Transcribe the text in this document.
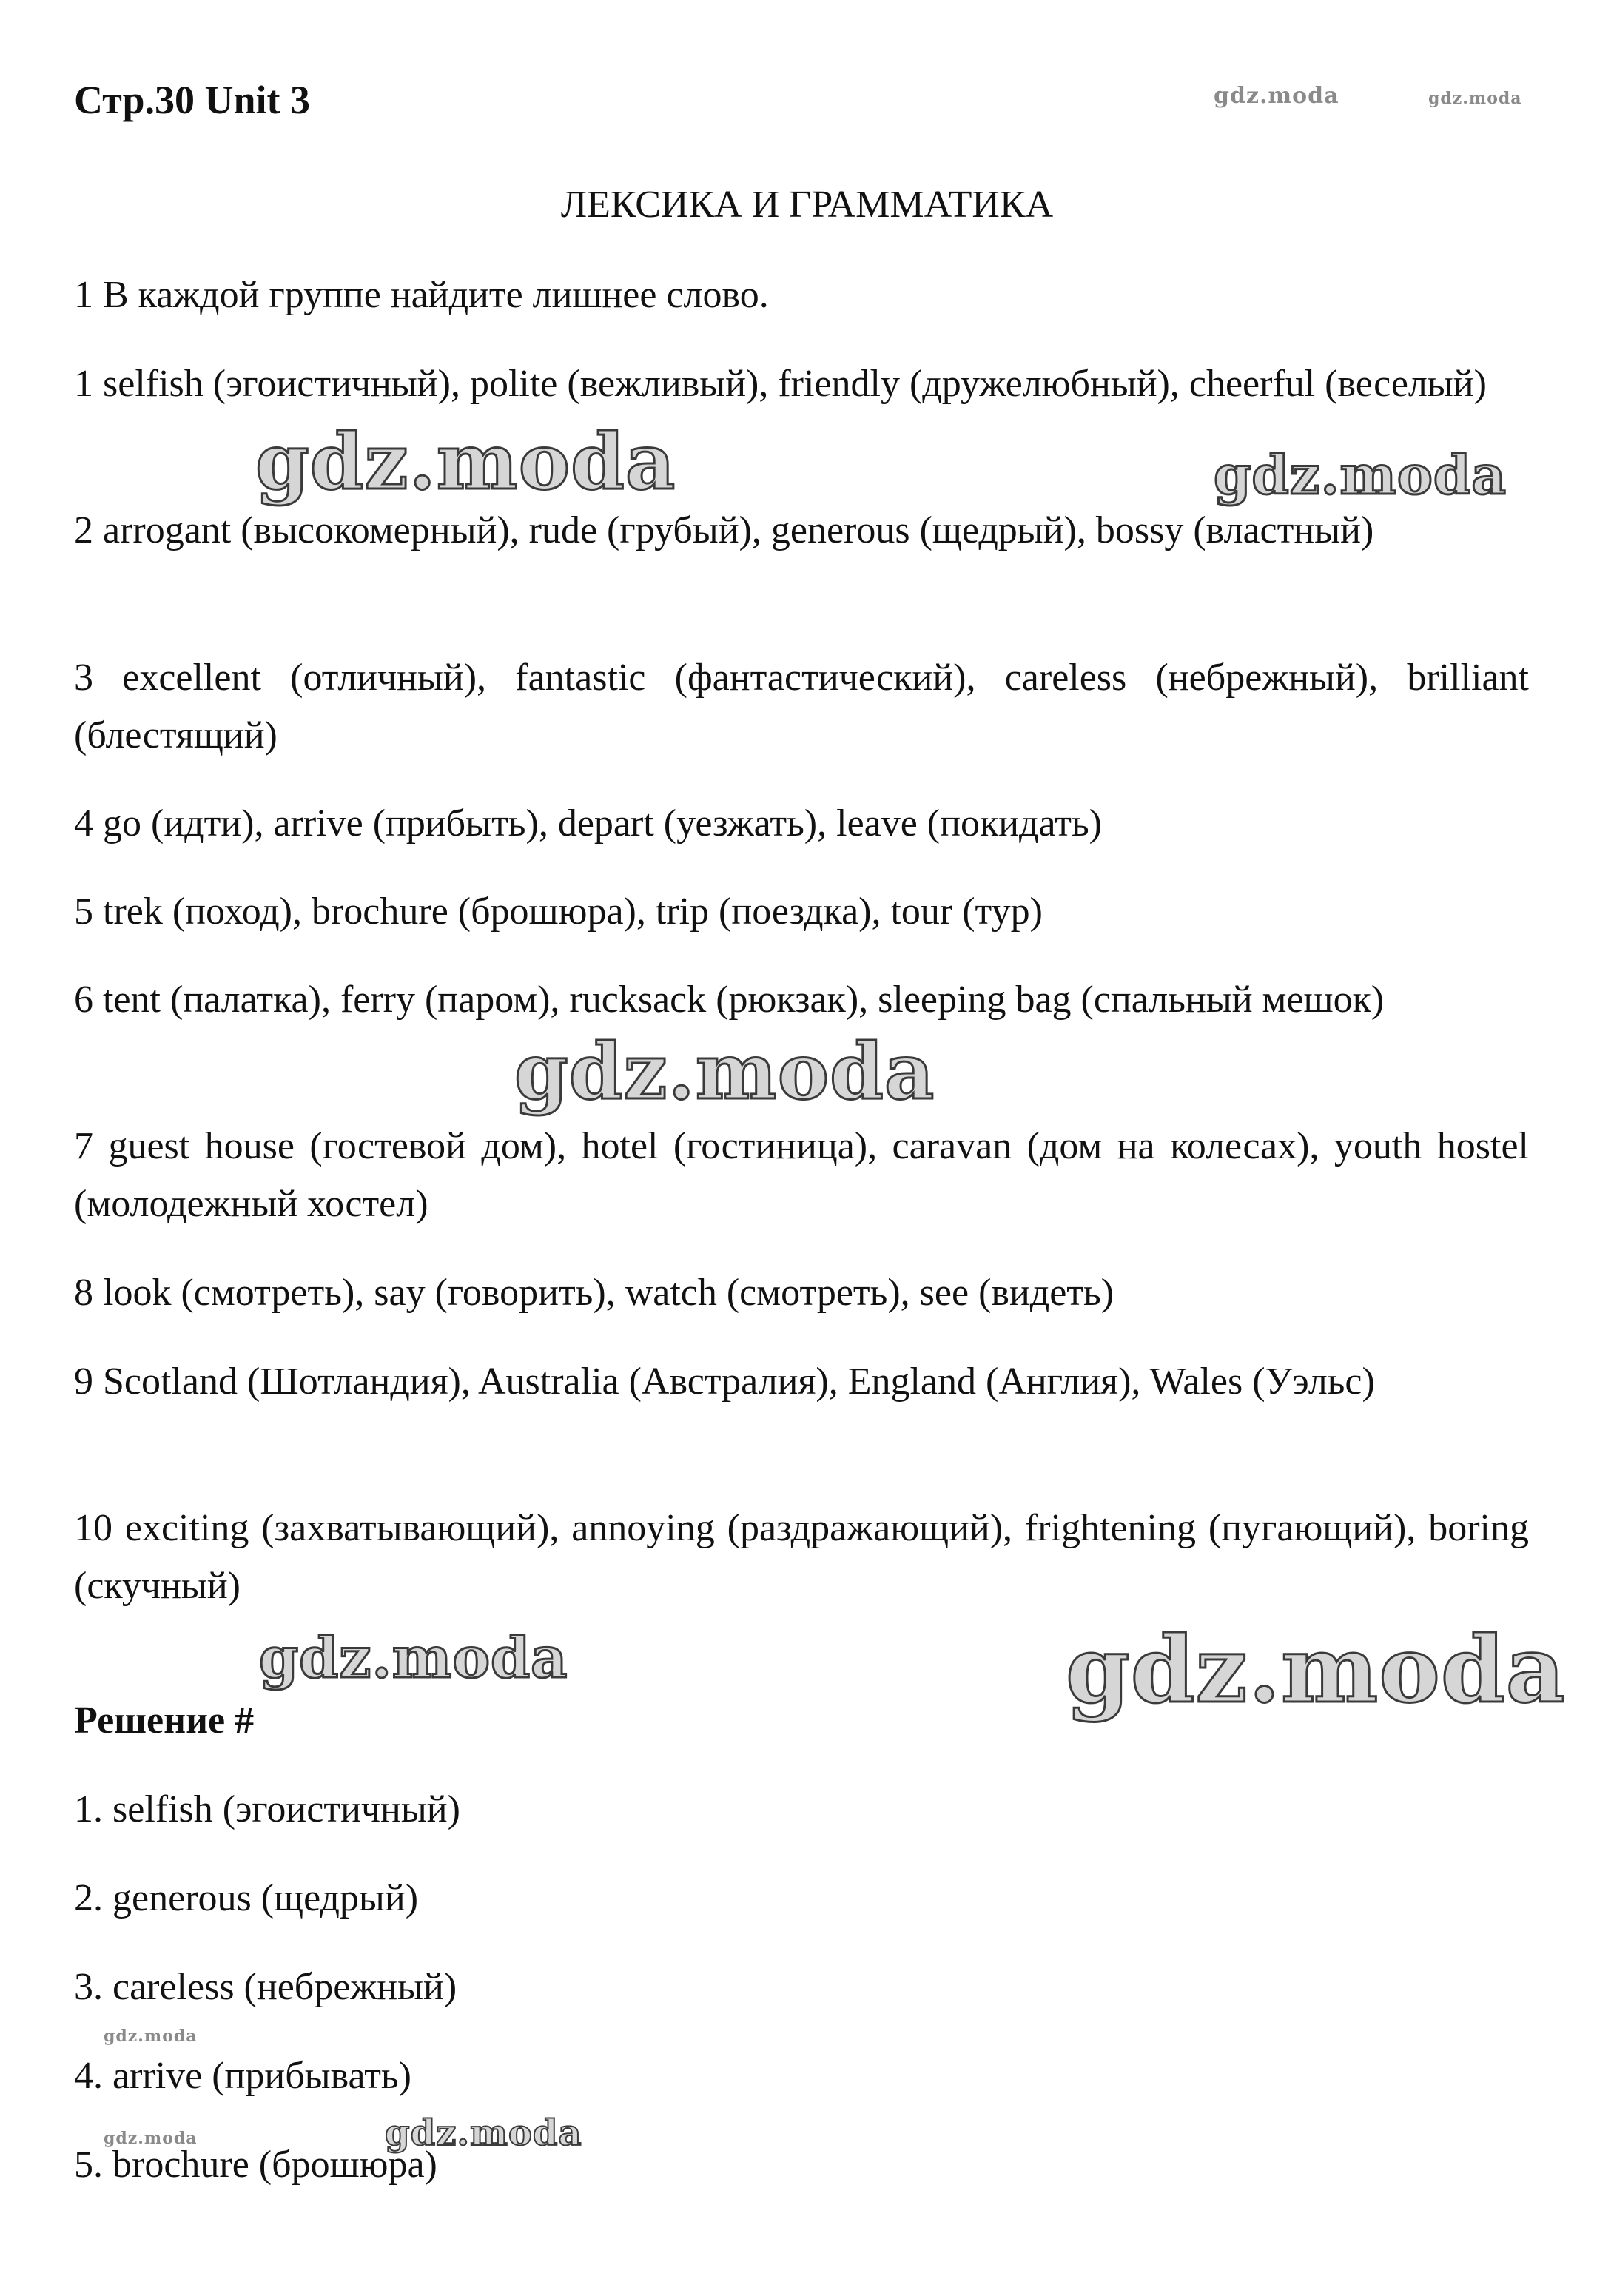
Стр.30 Unit 3
ЛЕКСИКА И ГРАММАТИКА
1 В каждой группе найдите лишнее слово.
1 selfish (эгоистичный), polite (вежливый), friendly (дружелюбный), cheerful (веселый)
2 arrogant (высокомерный), rude (грубый), generous (щедрый), bossy (властный)
3 excellent (отличный), fantastic (фантастический), careless (небрежный), brilliant (блестящий)
4 go (идти), arrive (прибыть), depart (уезжать), leave (покидать)
5 trek (поход), brochure (брошюра), trip (поездка), tour (тур)
6 tent (палатка), ferry (паром), rucksack (рюкзак), sleeping bag (спальный мешок)
7 guest house (гостевой дом), hotel (гостиница), caravan (дом на колесах), youth hostel (молодежный хостел)
8 look (смотреть), say (говорить), watch (смотреть), see (видеть)
9 Scotland (Шотландия), Australia (Австралия), England (Англия), Wales (Уэльс)
10 exciting (захватывающий), annoying (раздражающий), frightening (пугающий), boring (скучный)
Решение #
1. selfish (эгоистичный)
2. generous (щедрый)
3. careless (небрежный)
4. arrive (прибывать)
5. brochure (брошюра)
gdz.moda	gdz.moda
gdz.moda	gdz.moda
gdz.moda
gdz.moda	gdz.moda
gdz.moda
gdz.moda	gdz.moda
